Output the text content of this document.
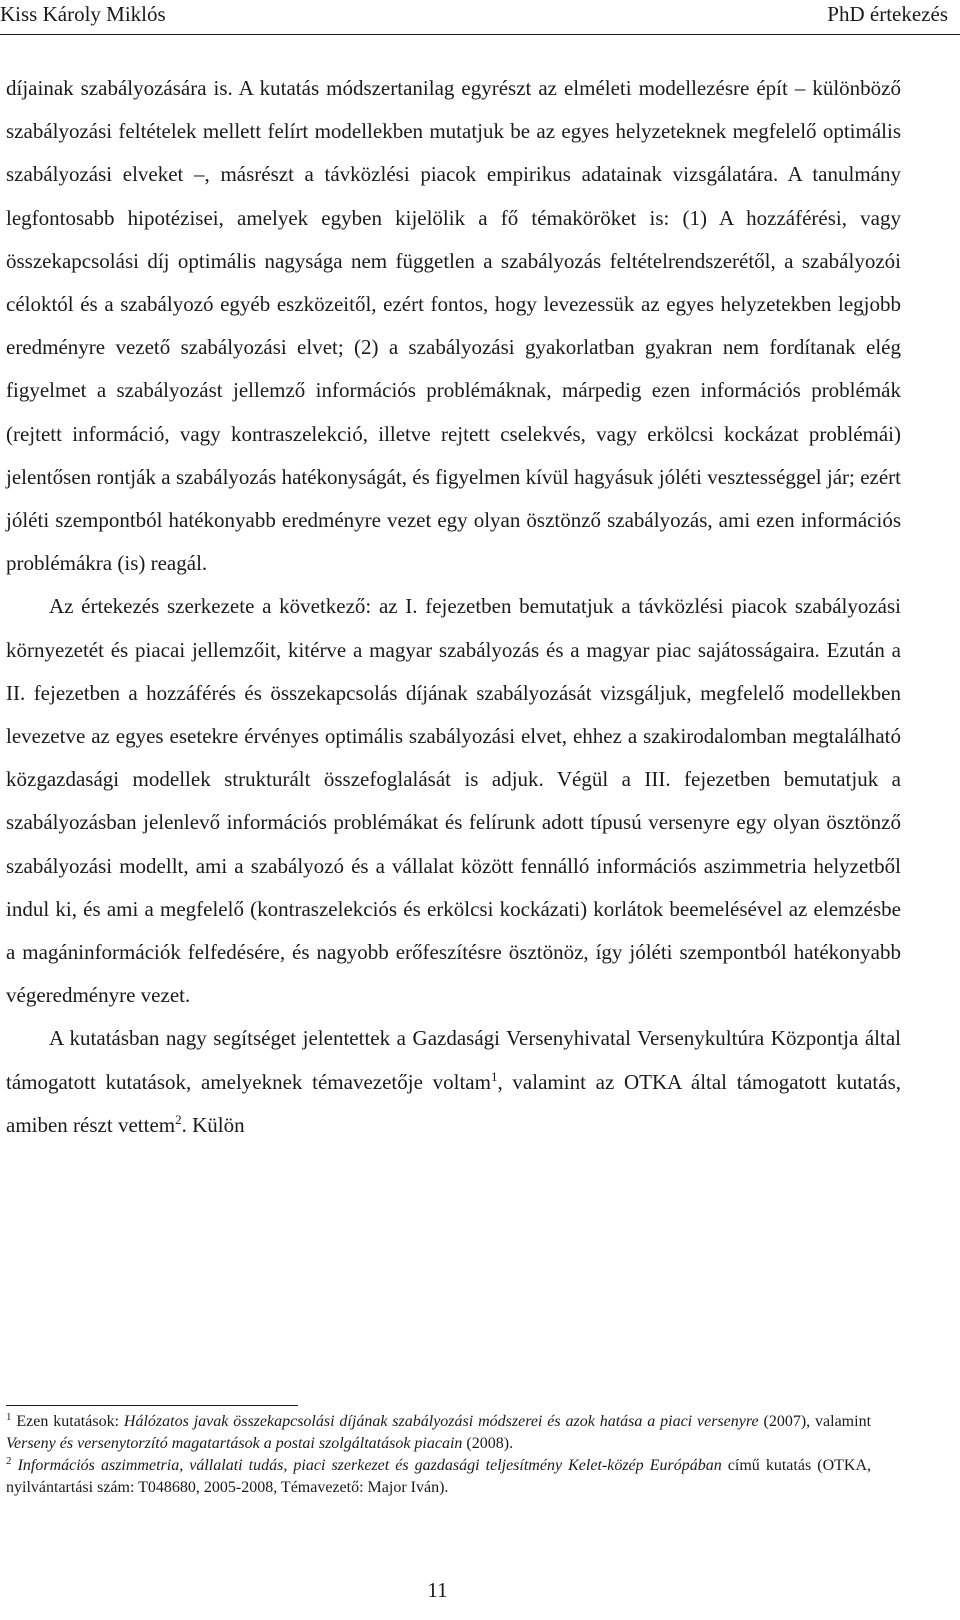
Kiss Károly Miklós	PhD értekezés

díjainak szabályozására is. A kutatás módszertanilag egyrészt az elméleti modellezésre épít – különböző szabályozási feltételek mellett felírt modellekben mutatjuk be az egyes helyzeteknek megfelelő optimális szabályozási elveket –, másrészt a távközlési piacok empirikus adatainak vizsgálatára. A tanulmány legfontosabb hipotézisei, amelyek egyben kijelölik a fő témaköröket is: (1) A hozzáférési, vagy összekapcsolási díj optimális nagysága nem független a szabályozás feltételrendszerétől, a szabályozói céloktól és a szabályozó egyéb eszközeitől, ezért fontos, hogy levezessük az egyes helyzetekben legjobb eredményre vezető szabályozási elvet; (2) a szabályozási gyakorlatban gyakran nem fordítanak elég figyelmet a szabályozást jellemző információs problémáknak, márpedig ezen információs problémák (rejtett információ, vagy kontraszelekció, illetve rejtett cselekvés, vagy erkölcsi kockázat problémái) jelentősen rontják a szabályozás hatékonyságát, és figyelmen kívül hagyásuk jóléti vesztességgel jár; ezért jóléti szempontból hatékonyabb eredményre vezet egy olyan ösztönző szabályozás, ami ezen információs problémákra (is) reagál.

Az értekezés szerkezete a következő: az I. fejezetben bemutatjuk a távközlési piacok szabályozási környezetét és piacai jellemzőit, kitérve a magyar szabályozás és a magyar piac sajátosságaira. Ezután a II. fejezetben a hozzáférés és összekapcsolás díjának szabályozását vizsgáljuk, megfelelő modellekben levezetve az egyes esetekre érvényes optimális szabályozási elvet, ehhez a szakirodalomban megtalálható közgazdasági modellek strukturált összefoglalását is adjuk. Végül a III. fejezetben bemutatjuk a szabályozásban jelenlevő információs problémákat és felírunk adott típusú versenyre egy olyan ösztönző szabályozási modellt, ami a szabályozó és a vállalat között fennálló információs aszimmetria helyzetből indul ki, és ami a megfelelő (kontraszelekciós és erkölcsi kockázati) korlátok beemelésével az elemzésbe a magáninformációk felfedésére, és nagyobb erőfeszítésre ösztönöz, így jóléti szempontból hatékonyabb végeredményre vezet.

A kutatásban nagy segítséget jelentettek a Gazdasági Versenyhivatal Versenykultúra Központja által támogatott kutatások, amelyeknek témavezetője voltam$^1$, valamint az OTKA által támogatott kutatás, amiben részt vettem$^2$. Külön

$^1$ Ezen kutatások: Hálózatos javak összekapcsolási díjának szabályozási módszerei és azok hatása a piaci versenyre (2007), valamint Verseny és versenytorzító magatartások a postai szolgáltatások piacain (2008).

$^2$ Információs aszimmetria, vállalati tudás, piaci szerkezet és gazdasági teljesítmény Kelet-közép Európában című kutatás (OTKA, nyilvántartási szám: T048680, 2005-2008, Témavezető: Major Iván).

11
